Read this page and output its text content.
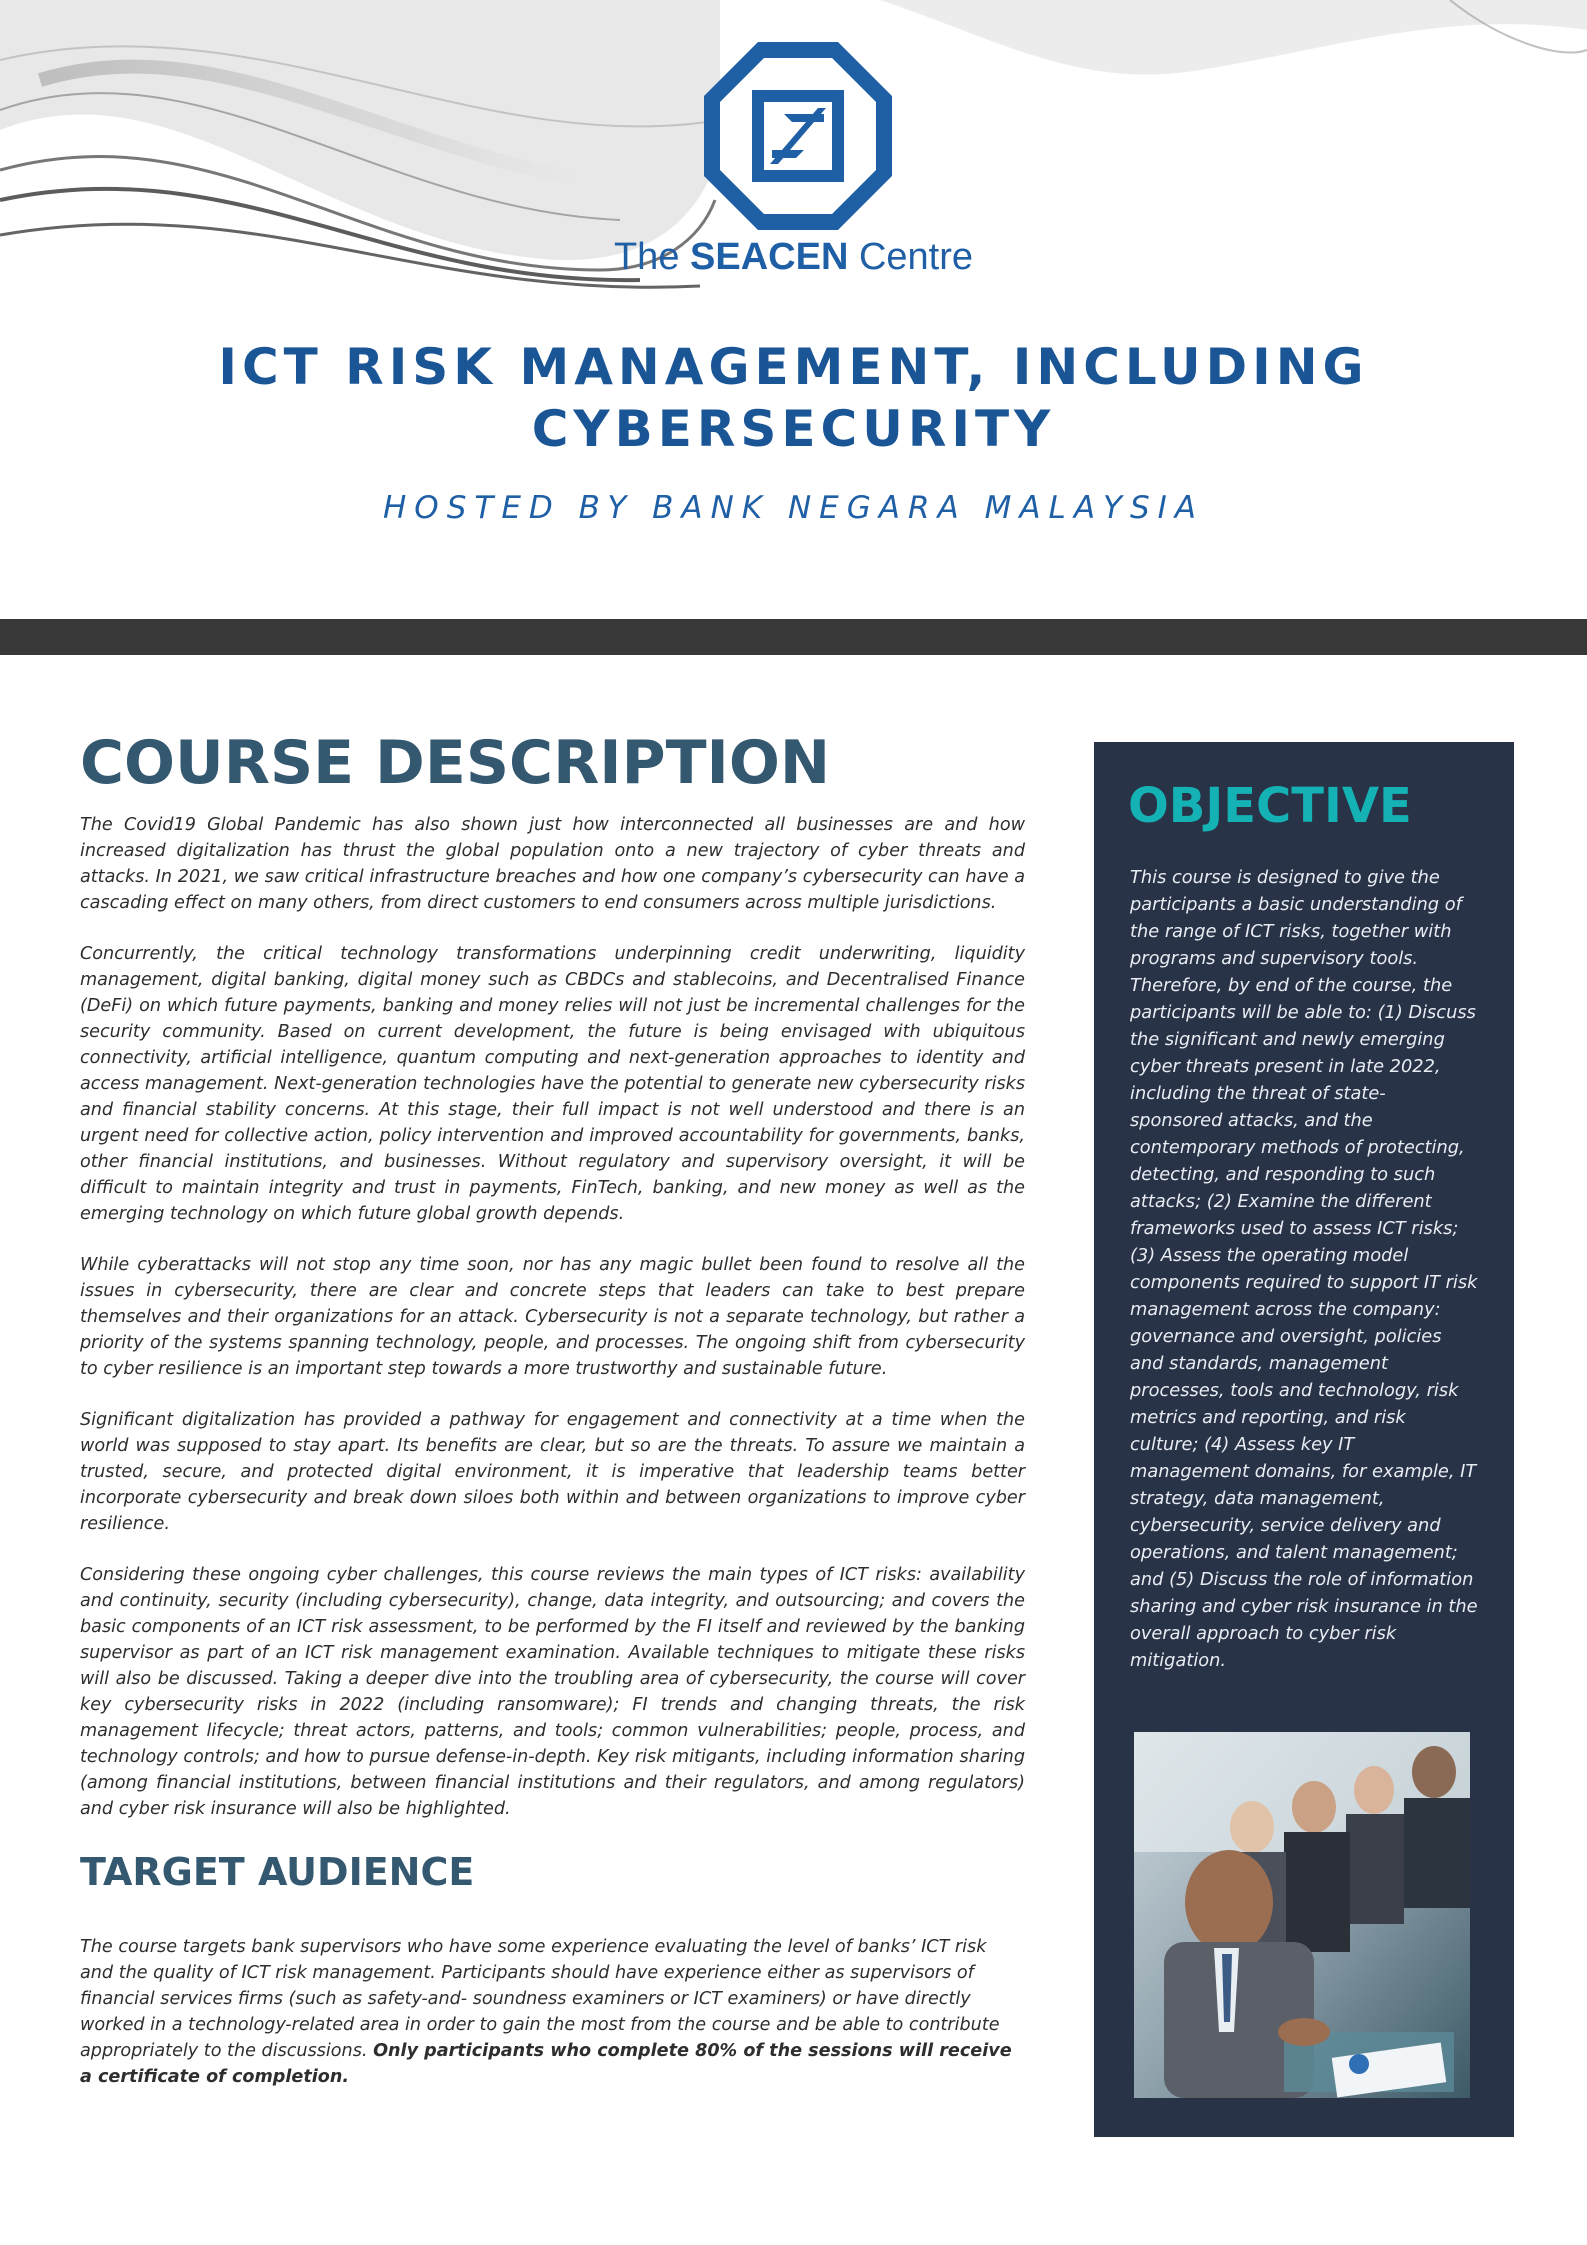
The SEACEN Centre
ICT RISK MANAGEMENT, INCLUDING
CYBERSECURITY
HOSTED BY BANK NEGARA MALAYSIA
COURSE DESCRIPTION

The Covid19 Global Pandemic has also shown just how interconnected all businesses are and how increased digitalization has thrust the global population onto a new trajectory of cyber threats and attacks. In 2021, we saw critical infrastructure breaches and how one company’s cybersecurity can have a cascading effect on many others, from direct customers to end consumers across multiple jurisdictions.

Concurrently, the critical technology transformations underpinning credit underwriting, liquidity management, digital banking, digital money such as CBDCs and stablecoins, and Decentralised Finance (DeFi) on which future payments, banking and money relies will not just be incremental challenges for the security community. Based on current development, the future is being envisaged with ubiquitous connectivity, artificial intelligence, quantum computing and next-generation approaches to identity and access management. Next-generation technologies have the potential to generate new cybersecurity risks and financial stability concerns. At this stage, their full impact is not well understood and there is an urgent need for collective action, policy intervention and improved accountability for governments, banks, other financial institutions, and businesses. Without regulatory and supervisory oversight, it will be difficult to maintain integrity and trust in payments, FinTech, banking, and new money as well as the emerging technology on which future global growth depends.

While cyberattacks will not stop any time soon, nor has any magic bullet been found to resolve all the issues in cybersecurity, there are clear and concrete steps that leaders can take to best prepare themselves and their organizations for an attack. Cybersecurity is not a separate technology, but rather a priority of the systems spanning technology, people, and processes. The ongoing shift from cybersecurity to cyber resilience is an important step towards a more trustworthy and sustainable future.

Significant digitalization has provided a pathway for engagement and connectivity at a time when the world was supposed to stay apart. Its benefits are clear, but so are the threats. To assure we maintain a trusted, secure, and protected digital environment, it is imperative that leadership teams better incorporate cybersecurity and break down siloes both within and between organizations to improve cyber resilience.

Considering these ongoing cyber challenges, this course reviews the main types of ICT risks: availability and continuity, security (including cybersecurity), change, data integrity, and outsourcing; and covers the basic components of an ICT risk assessment, to be performed by the FI itself and reviewed by the banking supervisor as part of an ICT risk management examination. Available techniques to mitigate these risks will also be discussed. Taking a deeper dive into the troubling area of cybersecurity, the course will cover key cybersecurity risks in 2022 (including ransomware); FI trends and changing threats, the risk management lifecycle; threat actors, patterns, and tools; common vulnerabilities; people, process, and technology controls; and how to pursue defense-in-depth. Key risk mitigants, including information sharing (among financial institutions, between financial institutions and their regulators, and among regulators) and cyber risk insurance will also be highlighted.

TARGET AUDIENCE

The course targets bank supervisors who have some experience evaluating the level of banks’ ICT risk and the quality of ICT risk management. Participants should have experience either as supervisors of financial services firms (such as safety-and- soundness examiners or ICT examiners) or have directly worked in a technology-related area in order to gain the most from the course and be able to contribute appropriately to the discussions. Only participants who complete 80% of the sessions will receive a certificate of completion.

OBJECTIVE

This course is designed to give the participants a basic understanding of the range of ICT risks, together with programs and supervisory tools. Therefore, by end of the course, the participants will be able to: (1) Discuss the significant and newly emerging cyber threats present in late 2022, including the threat of state-sponsored attacks, and the contemporary methods of protecting, detecting, and responding to such attacks; (2) Examine the different frameworks used to assess ICT risks; (3) Assess the operating model components required to support IT risk management across the company: governance and oversight, policies and standards, management processes, tools and technology, risk metrics and reporting, and risk culture; (4) Assess key IT management domains, for example, IT strategy, data management, cybersecurity, service delivery and operations, and talent management; and (5) Discuss the role of information sharing and cyber risk insurance in the overall approach to cyber risk mitigation.
